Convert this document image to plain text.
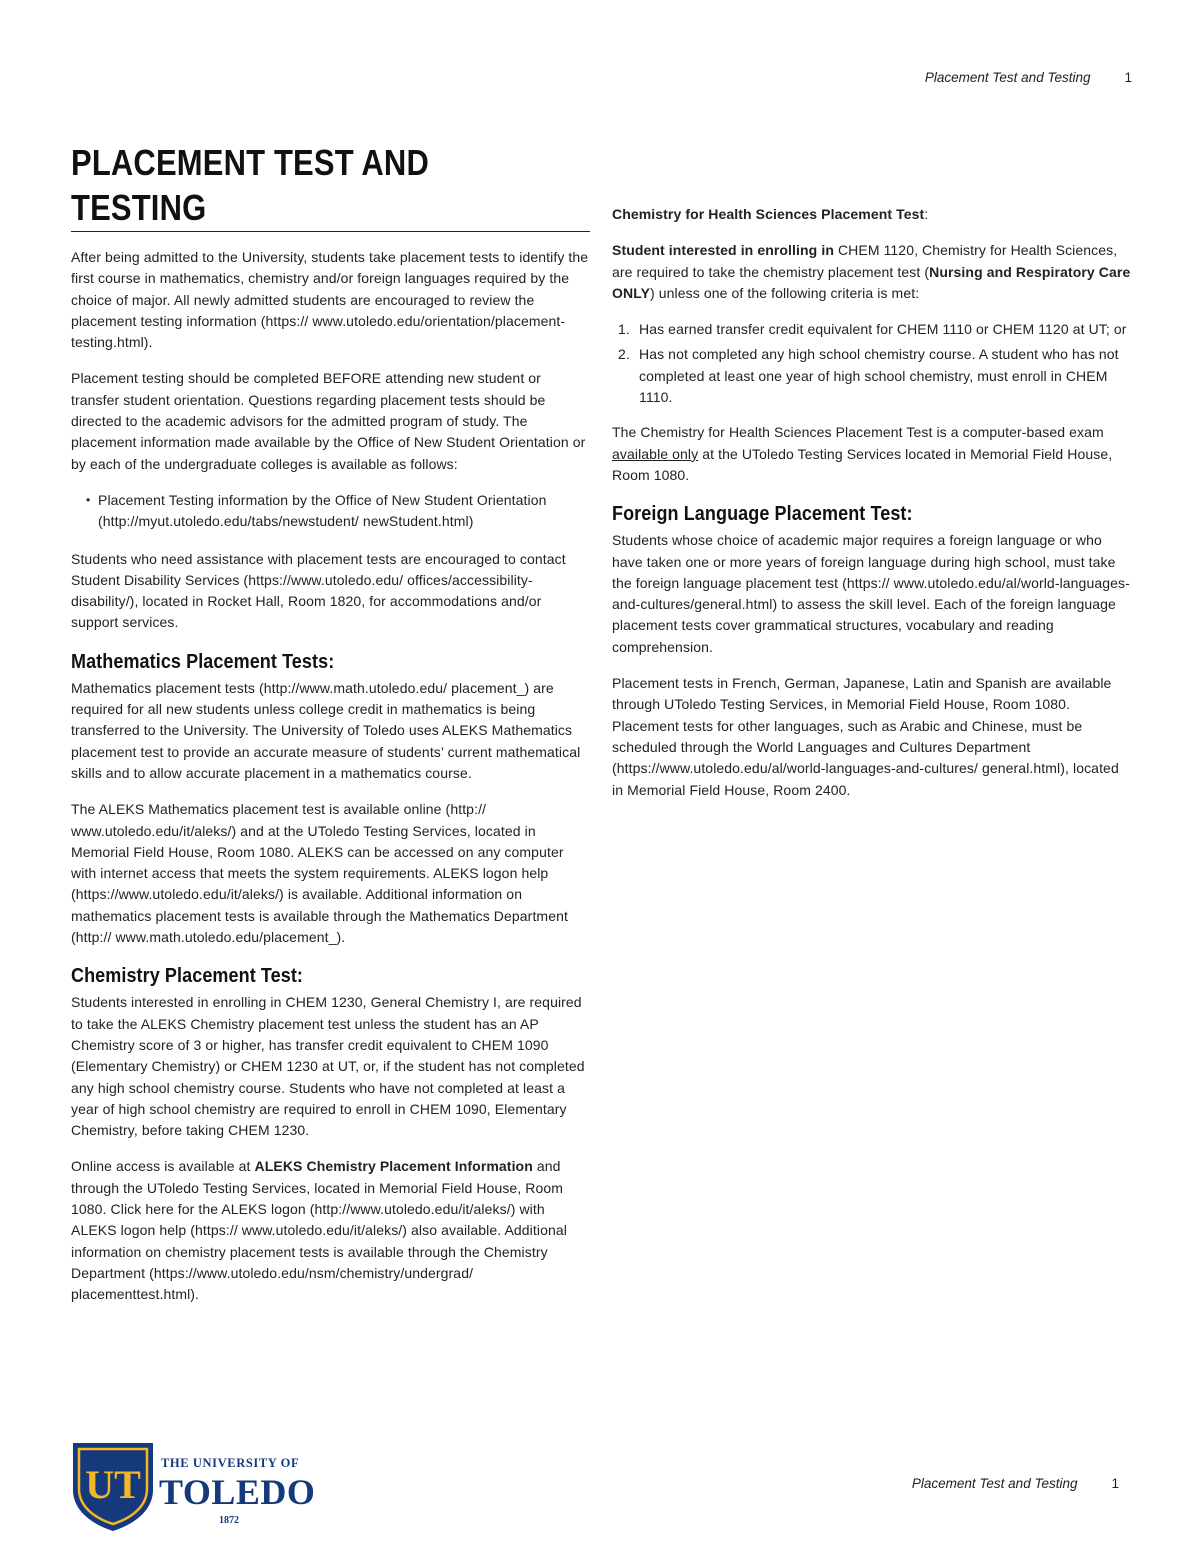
Placement Test and Testing	1
PLACEMENT TEST AND
TESTING

After being admitted to the University, students take placement tests to identify the first course in mathematics, chemistry and/or foreign languages required by the choice of major. All newly admitted students are encouraged to review the placement testing information (https:// www.utoledo.edu/orientation/placement-testing.html).

Placement testing should be completed BEFORE attending new student or transfer student orientation. Questions regarding placement tests should be directed to the academic advisors for the admitted program of study. The placement information made available by the Office of New Student Orientation or by each of the undergraduate colleges is available as follows:

• Placement Testing information by the Office of New Student Orientation (http://myut.utoledo.edu/tabs/newstudent/ newStudent.html)

Students who need assistance with placement tests are encouraged to contact Student Disability Services (https://www.utoledo.edu/ offices/accessibility-disability/), located in Rocket Hall, Room 1820, for accommodations and/or support services.

Mathematics Placement Tests:

Mathematics placement tests (http://www.math.utoledo.edu/ placement_) are required for all new students unless college credit in mathematics is being transferred to the University. The University of Toledo uses ALEKS Mathematics placement test to provide an accurate measure of students’ current mathematical skills and to allow accurate placement in a mathematics course.

The ALEKS Mathematics placement test is available online (http:// www.utoledo.edu/it/aleks/) and at the UToledo Testing Services, located in Memorial Field House, Room 1080. ALEKS can be accessed on any computer with internet access that meets the system requirements. ALEKS logon help (https://www.utoledo.edu/it/aleks/) is available. Additional information on mathematics placement tests is available through the Mathematics Department (http:// www.math.utoledo.edu/placement_).

Chemistry Placement Test:

Students interested in enrolling in CHEM 1230, General Chemistry I, are required to take the ALEKS Chemistry placement test unless the student has an AP Chemistry score of 3 or higher, has transfer credit equivalent to CHEM 1090 (Elementary Chemistry) or CHEM 1230 at UT, or, if the student has not completed any high school chemistry course. Students who have not completed at least a year of high school chemistry are required to enroll in CHEM 1090, Elementary Chemistry, before taking CHEM 1230.

Online access is available at ALEKS Chemistry Placement Information and through the UToledo Testing Services, located in Memorial Field House, Room 1080. Click here for the ALEKS logon (http://www.utoledo.edu/it/aleks/) with ALEKS logon help (https:// www.utoledo.edu/it/aleks/) also available. Additional information on chemistry placement tests is available through the Chemistry Department (https://www.utoledo.edu/nsm/chemistry/undergrad/ placementtest.html).

Chemistry for Health Sciences Placement Test:

Student interested in enrolling in CHEM 1120, Chemistry for Health Sciences, are required to take the chemistry placement test (Nursing and Respiratory Care ONLY) unless one of the following criteria is met:

1. Has earned transfer credit equivalent for CHEM 1110 or CHEM 1120 at UT; or
2. Has not completed any high school chemistry course. A student who has not completed at least one year of high school chemistry, must enroll in CHEM 1110.

The Chemistry for Health Sciences Placement Test is a computer-based exam available only at the UToledo Testing Services located in Memorial Field House, Room 1080.

Foreign Language Placement Test:

Students whose choice of academic major requires a foreign language or who have taken one or more years of foreign language during high school, must take the foreign language placement test (https:// www.utoledo.edu/al/world-languages-and-cultures/general.html) to assess the skill level. Each of the foreign language placement tests cover grammatical structures, vocabulary and reading comprehension.

Placement tests in French, German, Japanese, Latin and Spanish are available through UToledo Testing Services, in Memorial Field House, Room 1080. Placement tests for other languages, such as Arabic and Chinese, must be scheduled through the World Languages and Cultures Department (https://www.utoledo.edu/al/world-languages-and-cultures/ general.html), located in Memorial Field House, Room 2400.

Placement Test and Testing	1
UT THE UNIVERSITY OF
TOLEDO
1872
